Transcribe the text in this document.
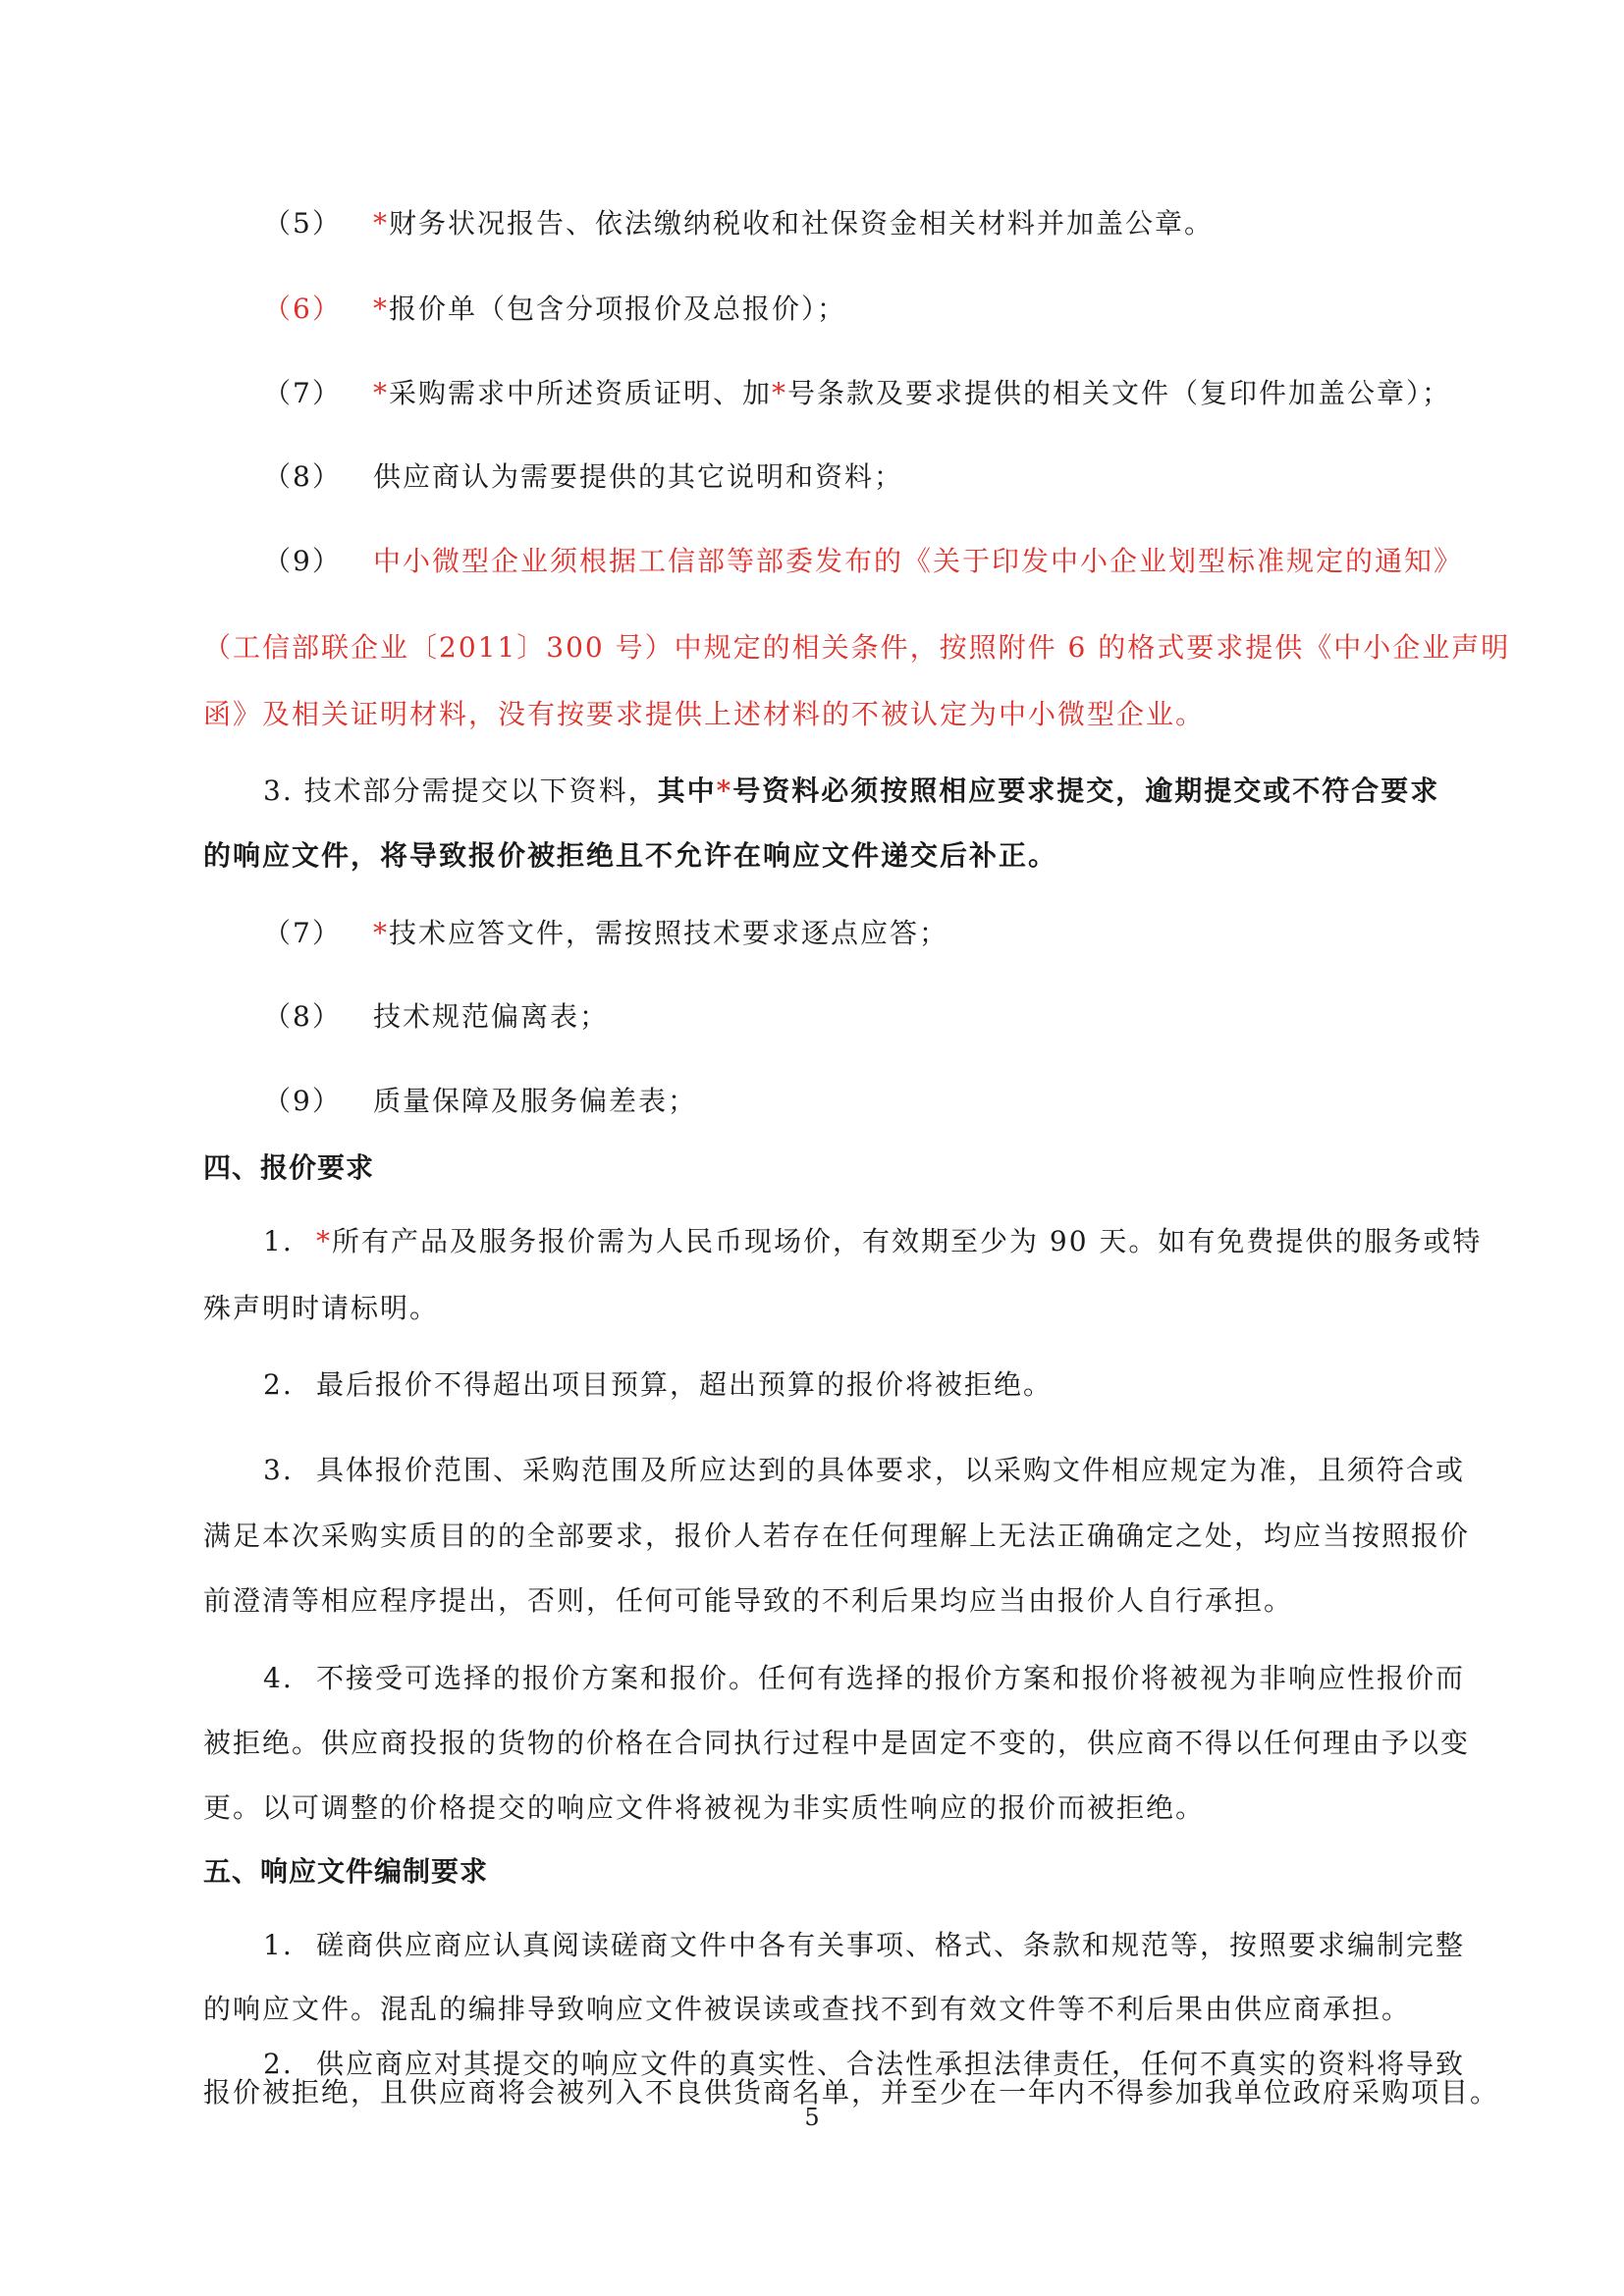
（5） *财务状况报告、依法缴纳税收和社保资金相关材料并加盖公章。
（6） *报价单（包含分项报价及总报价）；
（7） *采购需求中所述资质证明、加*号条款及要求提供的相关文件（复印件加盖公章）；
（8） 供应商认为需要提供的其它说明和资料；
（9） 中小微型企业须根据工信部等部委发布的《关于印发中小企业划型标准规定的通知》
（工信部联企业〔2011〕300 号）中规定的相关条件，按照附件 6 的格式要求提供《中小企业声明
函》及相关证明材料，没有按要求提供上述材料的不被认定为中小微型企业。
3. 技术部分需提交以下资料，其中*号资料必须按照相应要求提交，逾期提交或不符合要求
的响应文件，将导致报价被拒绝且不允许在响应文件递交后补正。
（7） *技术应答文件，需按照技术要求逐点应答；
（8） 技术规范偏离表；
（9） 质量保障及服务偏差表；
四、报价要求
1. *所有产品及服务报价需为人民币现场价，有效期至少为 90 天。如有免费提供的服务或特
殊声明时请标明。
2. 最后报价不得超出项目预算，超出预算的报价将被拒绝。
3. 具体报价范围、采购范围及所应达到的具体要求，以采购文件相应规定为准，且须符合或
满足本次采购实质目的的全部要求，报价人若存在任何理解上无法正确确定之处，均应当按照报价
前澄清等相应程序提出，否则，任何可能导致的不利后果均应当由报价人自行承担。
4. 不接受可选择的报价方案和报价。任何有选择的报价方案和报价将被视为非响应性报价而
被拒绝。供应商投报的货物的价格在合同执行过程中是固定不变的，供应商不得以任何理由予以变
更。以可调整的价格提交的响应文件将被视为非实质性响应的报价而被拒绝。
五、响应文件编制要求
1. 磋商供应商应认真阅读磋商文件中各有关事项、格式、条款和规范等，按照要求编制完整
的响应文件。混乱的编排导致响应文件被误读或查找不到有效文件等不利后果由供应商承担。
2. 供应商应对其提交的响应文件的真实性、合法性承担法律责任，任何不真实的资料将导致
报价被拒绝，且供应商将会被列入不良供货商名单，并至少在一年内不得参加我单位政府采购项目。
5
